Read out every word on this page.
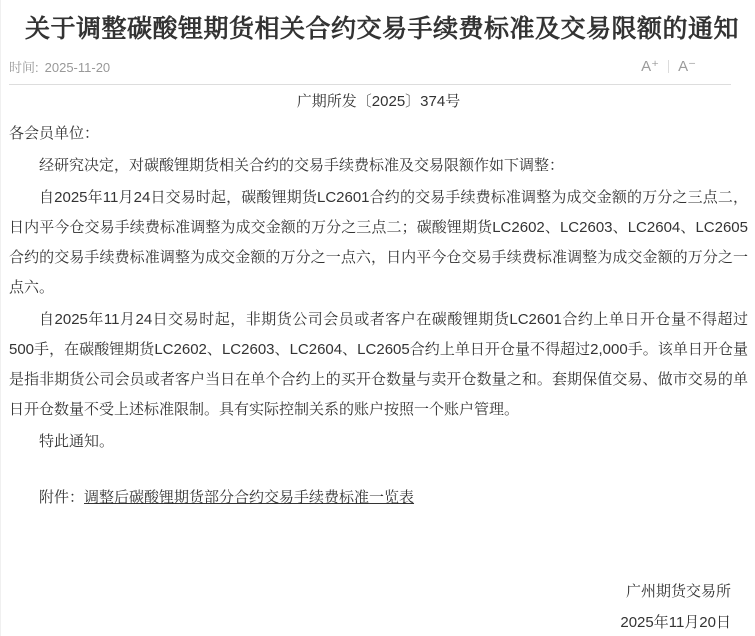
关于调整碳酸锂期货相关合约交易手续费标准及交易限额的通知
时间: 2025-11-20	A⁺	A⁻

广期所发〔2025〕374号

各会员单位：

经研究决定，对碳酸锂期货相关合约的交易手续费标准及交易限额作如下调整：

自2025年11月24日交易时起，碳酸锂期货LC2601合约的交易手续费标准调整为成交金额的万分之三点二，日内平今仓交易手续费标准调整为成交金额的万分之三点二；碳酸锂期货LC2602、LC2603、LC2604、LC2605合约的交易手续费标准调整为成交金额的万分之一点六，日内平今仓交易手续费标准调整为成交金额的万分之一点六。

自2025年11月24日交易时起，非期货公司会员或者客户在碳酸锂期货LC2601合约上单日开仓量不得超过500手，在碳酸锂期货LC2602、LC2603、LC2604、LC2605合约上单日开仓量不得超过2,000手。该单日开仓量是指非期货公司会员或者客户当日在单个合约上的买开仓数量与卖开仓数量之和。套期保值交易、做市交易的单日开仓数量不受上述标准限制。具有实际控制关系的账户按照一个账户管理。

特此通知。

附件：调整后碳酸锂期货部分合约交易手续费标准一览表

广州期货交易所

2025年11月20日
